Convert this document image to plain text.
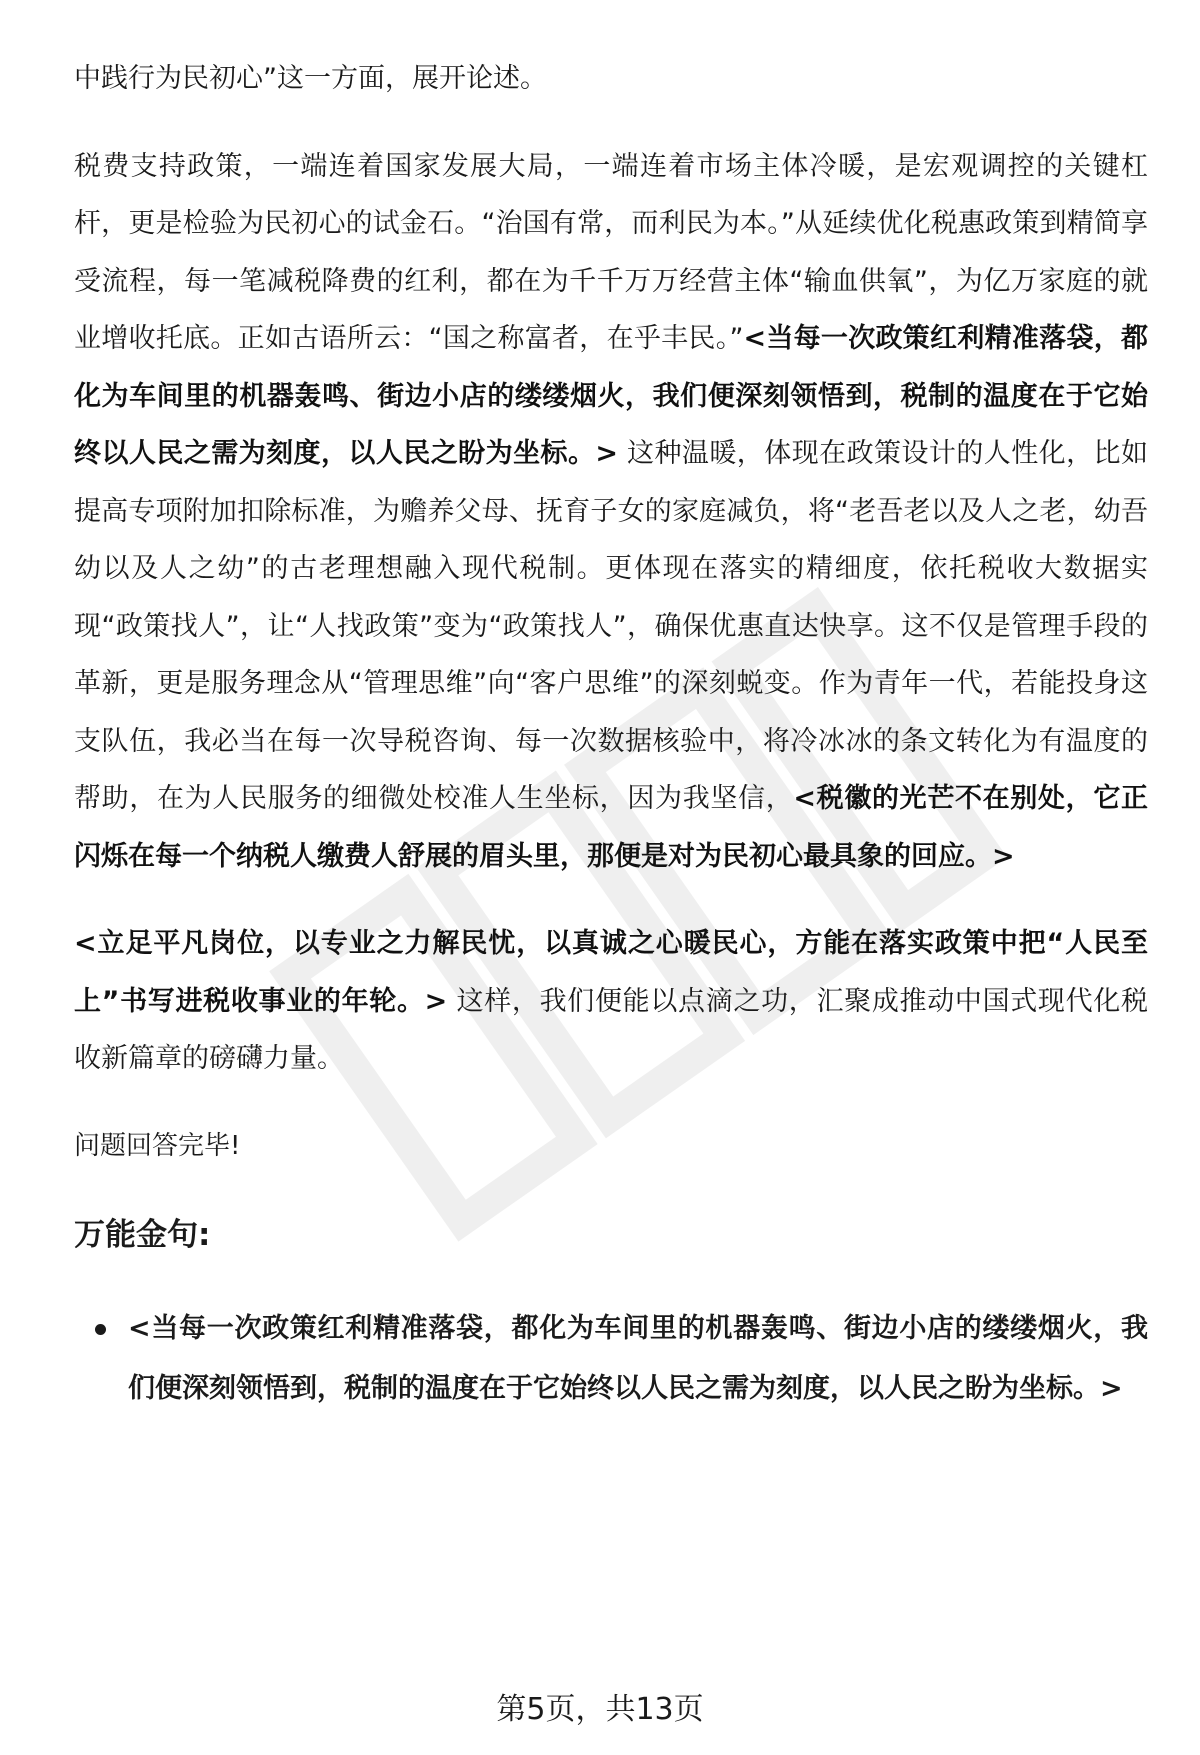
中践行为民初心”这一方面，展开论述。

税费支持政策，一端连着国家发展大局，一端连着市场主体冷暖，是宏观调控的关键杠杆，更是检验为民初心的试金石。“治国有常，而利民为本。”从延续优化税惠政策到精简享受流程，每一笔减税降费的红利，都在为千千万万经营主体“输血供氧”，为亿万家庭的就业增收托底。正如古语所云：“国之称富者，在乎丰民。”<当每一次政策红利精准落袋，都化为车间里的机器轰鸣、街边小店的缕缕烟火，我们便深刻领悟到，税制的温度在于它始终以人民之需为刻度，以人民之盼为坐标。> 这种温暖，体现在政策设计的人性化，比如提高专项附加扣除标准，为赡养父母、抚育子女的家庭减负，将“老吾老以及人之老，幼吾幼以及人之幼”的古老理想融入现代税制。更体现在落实的精细度，依托税收大数据实现“政策找人”，让“人找政策”变为“政策找人”，确保优惠直达快享。这不仅是管理手段的革新，更是服务理念从“管理思维”向“客户思维”的深刻蜕变。作为青年一代，若能投身这支队伍，我必当在每一次导税咨询、每一次数据核验中，将冷冰冰的条文转化为有温度的帮助，在为人民服务的细微处校准人生坐标，因为我坚信，<税徽的光芒不在别处，它正闪烁在每一个纳税人缴费人舒展的眉头里，那便是对为民初心最具象的回应。>

<立足平凡岗位，以专业之力解民忧，以真诚之心暖民心，方能在落实政策中把“人民至上”书写进税收事业的年轮。> 这样，我们便能以点滴之功，汇聚成推动中国式现代化税收新篇章的磅礴力量。

问题回答完毕!

万能金句:
<当每一次政策红利精准落袋，都化为车间里的机器轰鸣、街边小店的缕缕烟火，我们便深刻领悟到，税制的温度在于它始终以人民之需为刻度，以人民之盼为坐标。>
第5页，共13页
